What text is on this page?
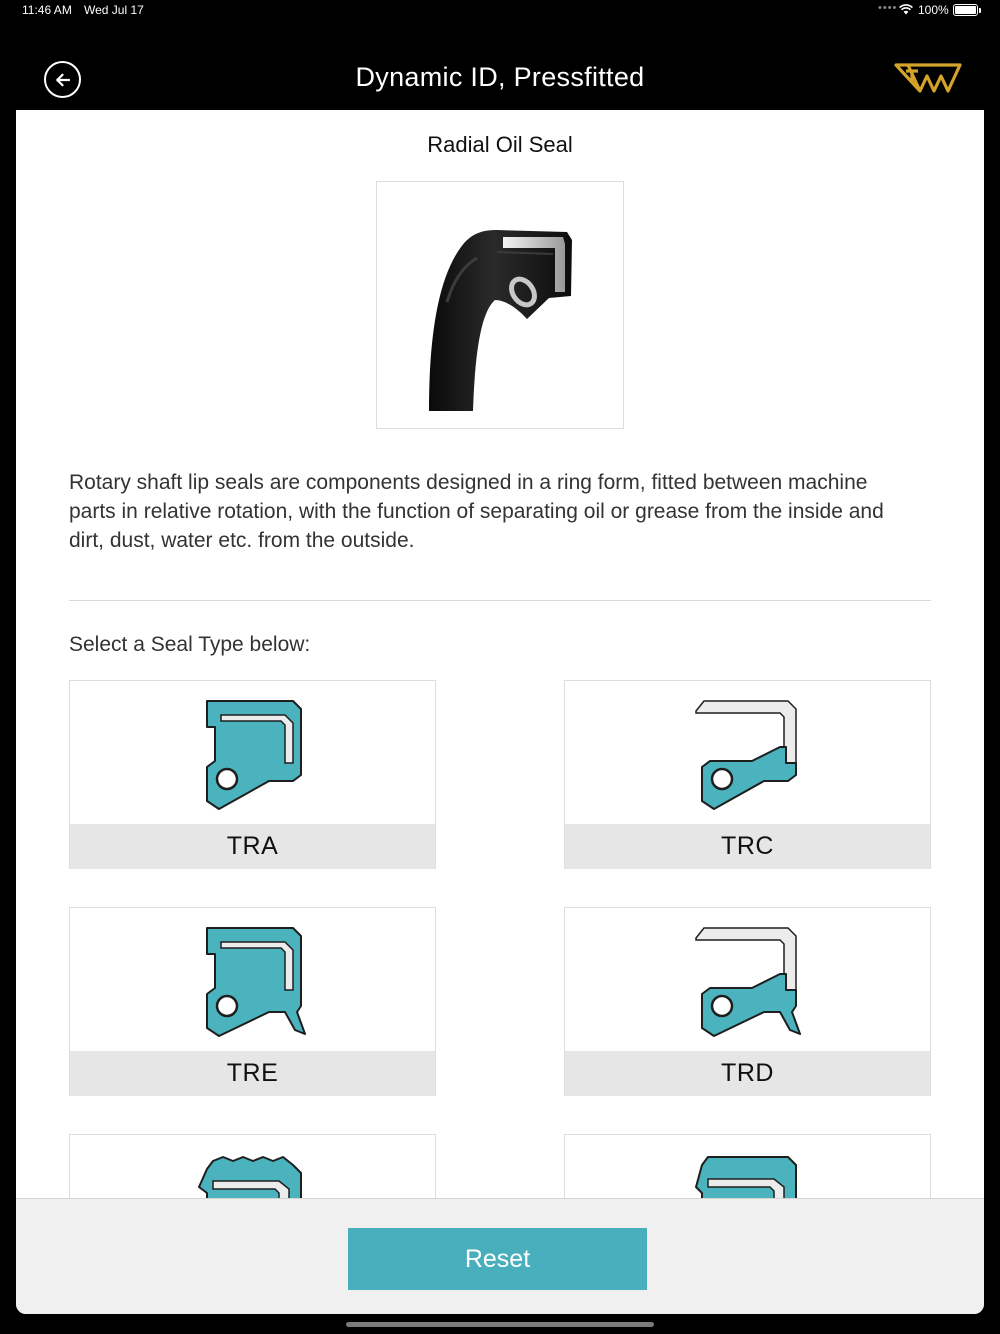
11:46 AM Wed Jul 17	•••• 100%
Dynamic ID, Pressfitted
Radial Oil Seal
Rotary shaft lip seals are components designed in a ring form, fitted between machine parts in relative rotation, with the function of separating oil or grease from the inside and dirt, dust, water etc. from the outside.
Select a Seal Type below:
TRA	TRC
TRE	TRD
Reset
